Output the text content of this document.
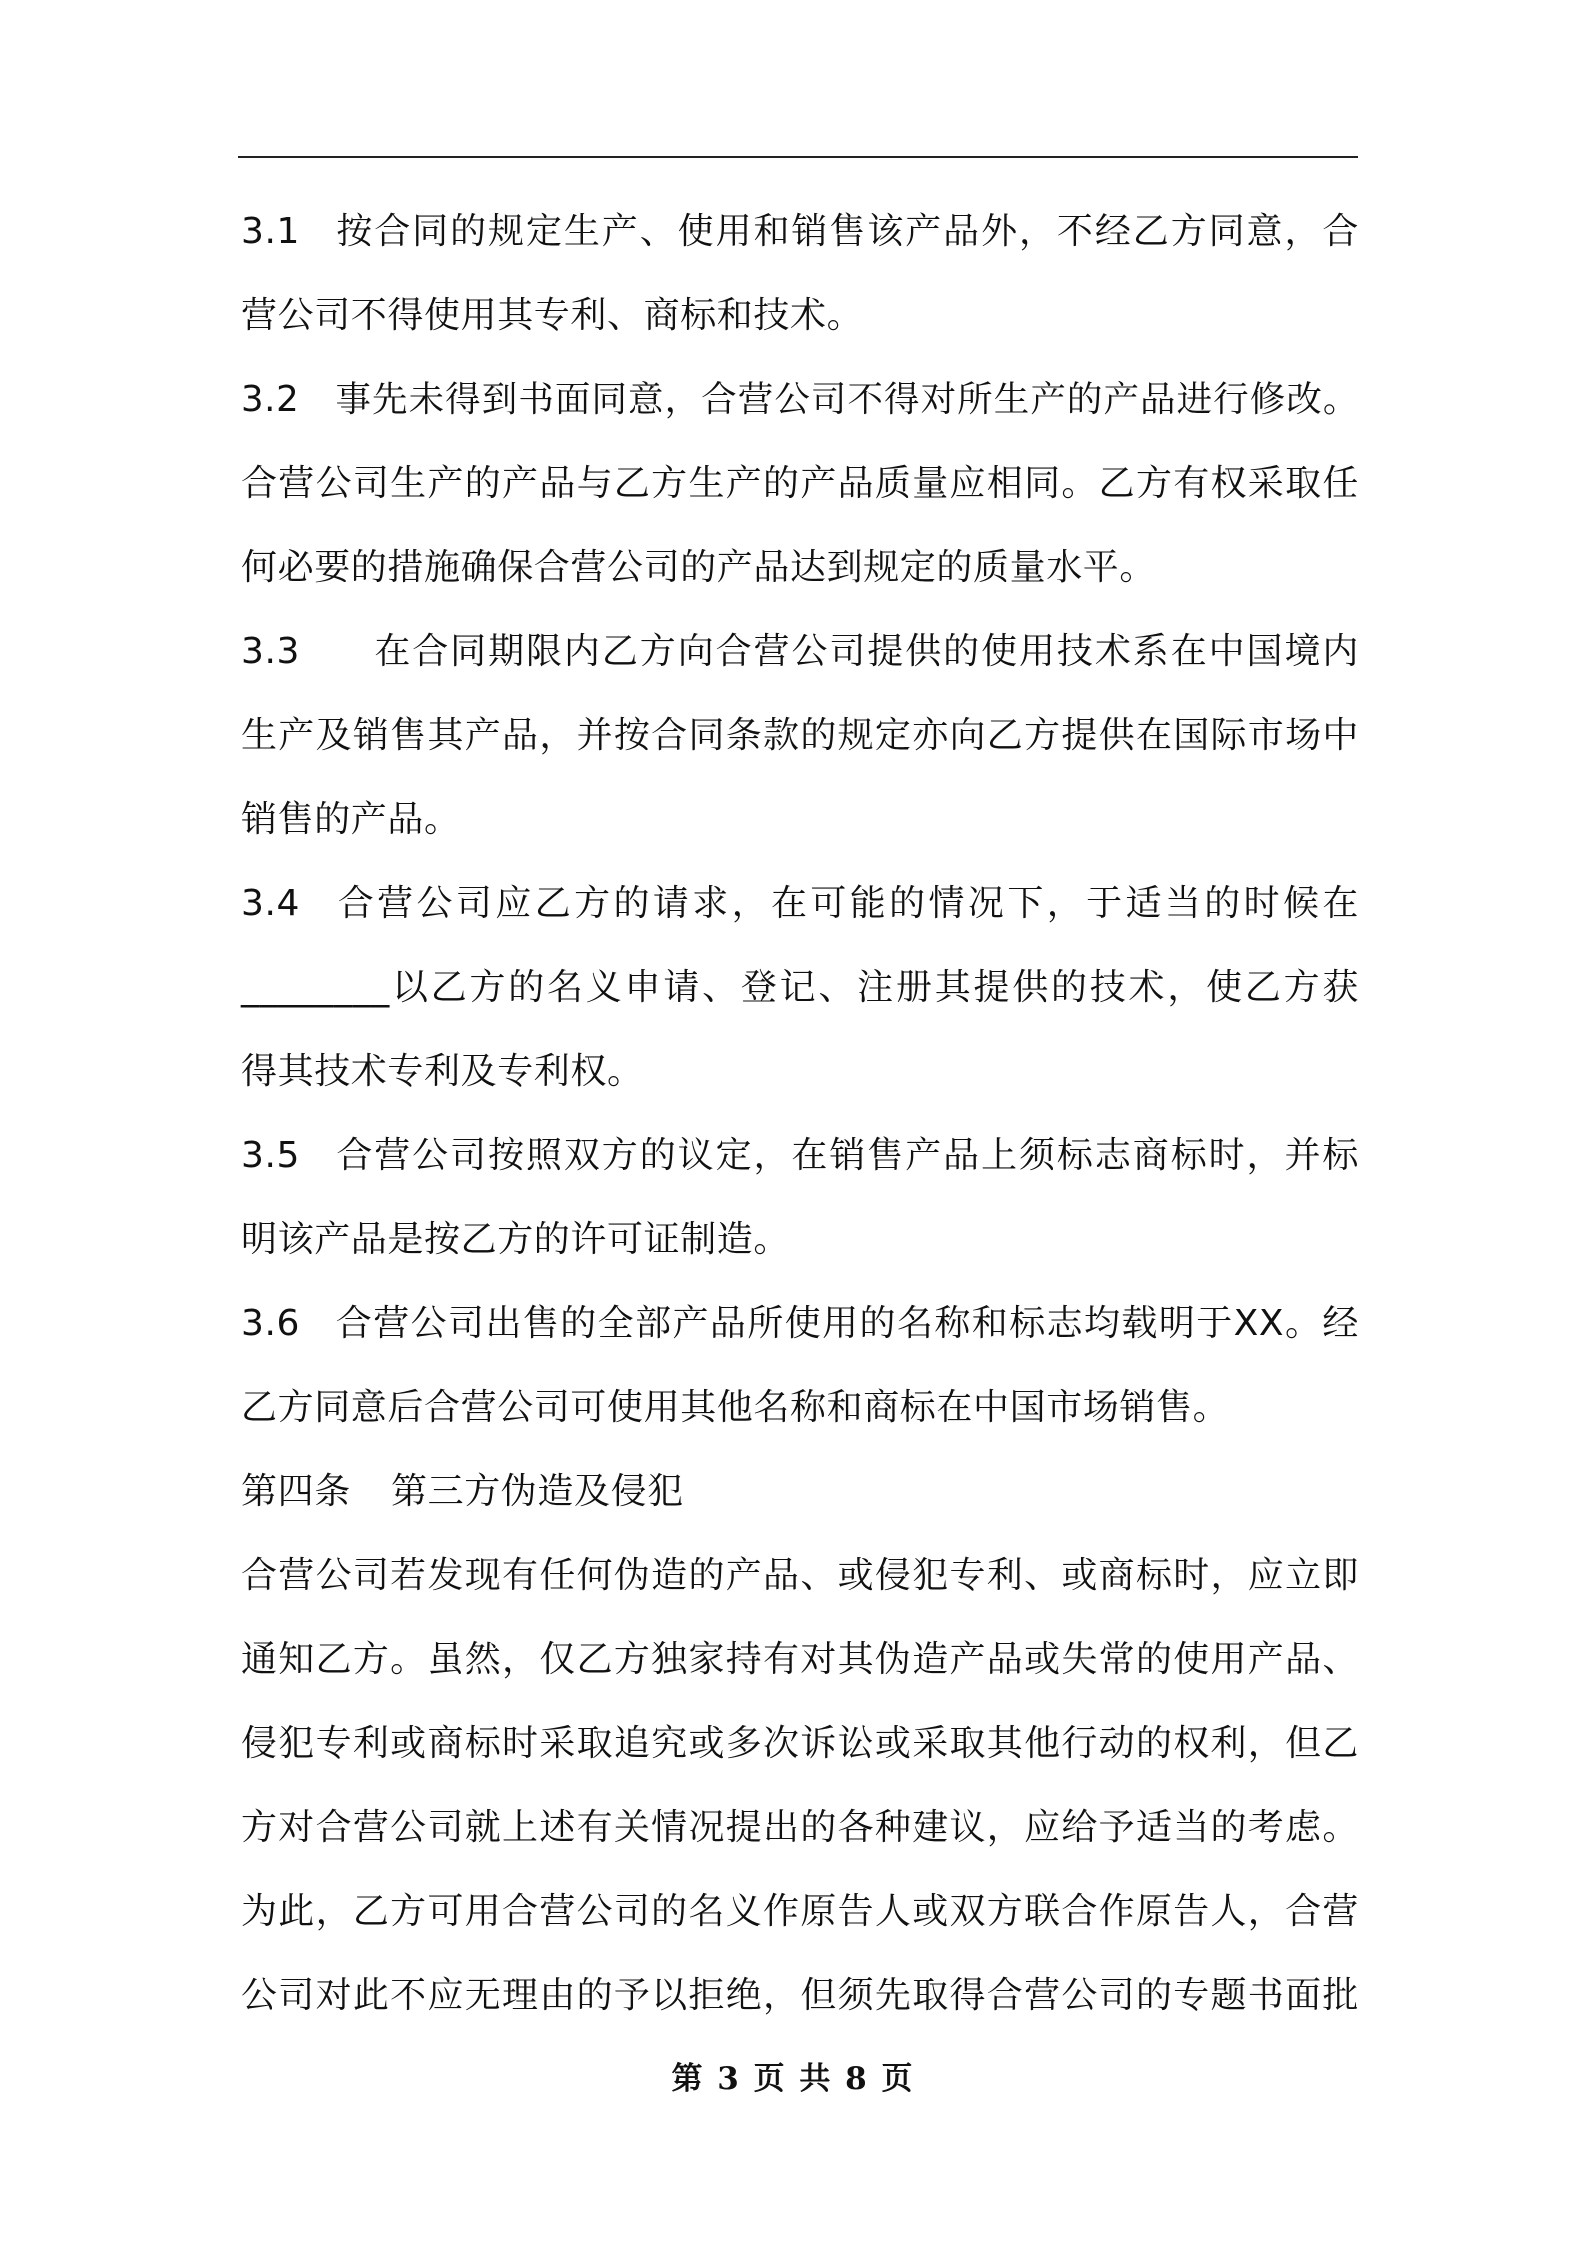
3.1 按合同的规定生产、使用和销售该产品外，不经乙方同意，合
营公司不得使用其专利、商标和技术。
3.2 事先未得到书面同意，合营公司不得对所生产的产品进行修改。
合营公司生产的产品与乙方生产的产品质量应相同。乙方有权采取任
何必要的措施确保合营公司的产品达到规定的质量水平。
3.3 在合同期限内乙方向合营公司提供的使用技术系在中国境内
生产及销售其产品，并按合同条款的规定亦向乙方提供在国际市场中
销售的产品。
3.4 合营公司应乙方的请求，在可能的情况下，于适当的时候在
________以乙方的名义申请、登记、注册其提供的技术，使乙方获
得其技术专利及专利权。
3.5 合营公司按照双方的议定，在销售产品上须标志商标时，并标
明该产品是按乙方的许可证制造。
3.6 合营公司出售的全部产品所使用的名称和标志均载明于XX。经
乙方同意后合营公司可使用其他名称和商标在中国市场销售。
第四条 第三方伪造及侵犯
合营公司若发现有任何伪造的产品、或侵犯专利、或商标时，应立即
通知乙方。虽然，仅乙方独家持有对其伪造产品或失常的使用产品、
侵犯专利或商标时采取追究或多次诉讼或采取其他行动的权利，但乙
方对合营公司就上述有关情况提出的各种建议，应给予适当的考虑。
为此，乙方可用合营公司的名义作原告人或双方联合作原告人，合营
公司对此不应无理由的予以拒绝，但须先取得合营公司的专题书面批
第 3 页 共 8 页
